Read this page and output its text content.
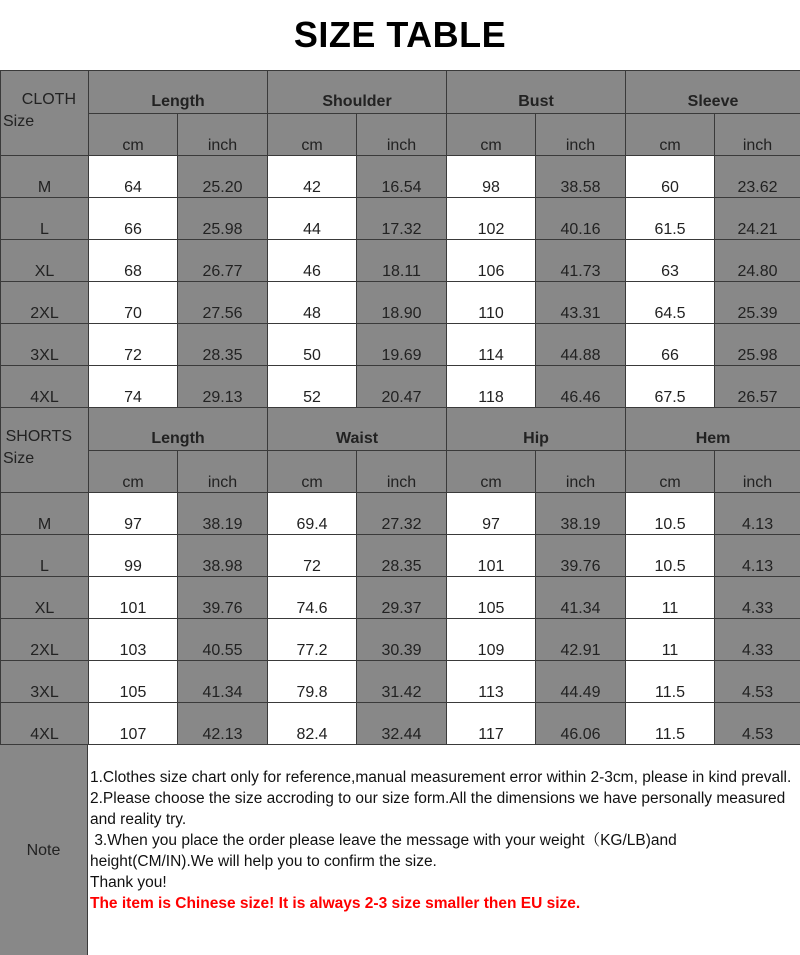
SIZE TABLE
CLOTH
Size	Length		Shoulder		Bust		Sleeve	
	cm	inch	cm	inch	cm	inch	cm	inch
M	64	25.20	42	16.54	98	38.58	60	23.62
L	66	25.98	44	17.32	102	40.16	61.5	24.21
XL	68	26.77	46	18.11	106	41.73	63	24.80
2XL	70	27.56	48	18.90	110	43.31	64.5	25.39
3XL	72	28.35	50	19.69	114	44.88	66	25.98
4XL	74	29.13	52	20.47	118	46.46	67.5	26.57
SHORTS
Size	Length		Waist		Hip		Hem	
	cm	inch	cm	inch	cm	inch	cm	inch
M	97	38.19	69.4	27.32	97	38.19	10.5	4.13
L	99	38.98	72	28.35	101	39.76	10.5	4.13
XL	101	39.76	74.6	29.37	105	41.34	11	4.33
2XL	103	40.55	77.2	30.39	109	42.91	11	4.33
3XL	105	41.34	79.8	31.42	113	44.49	11.5	4.53
4XL	107	42.13	82.4	32.44	117	46.06	11.5	4.53
Note

1.Clothes size chart only for reference,manual measurement error within 2-3cm, please in kind prevall.

2.Please choose the size accroding to our size form.All the dimensions we have personally measured and reality try.

3.When you place the order please leave the message with your weight（KG/LB)and height(CM/IN).We will help you to confirm the size.

Thank you!

The item is Chinese size! It is always 2-3 size smaller then EU size.
